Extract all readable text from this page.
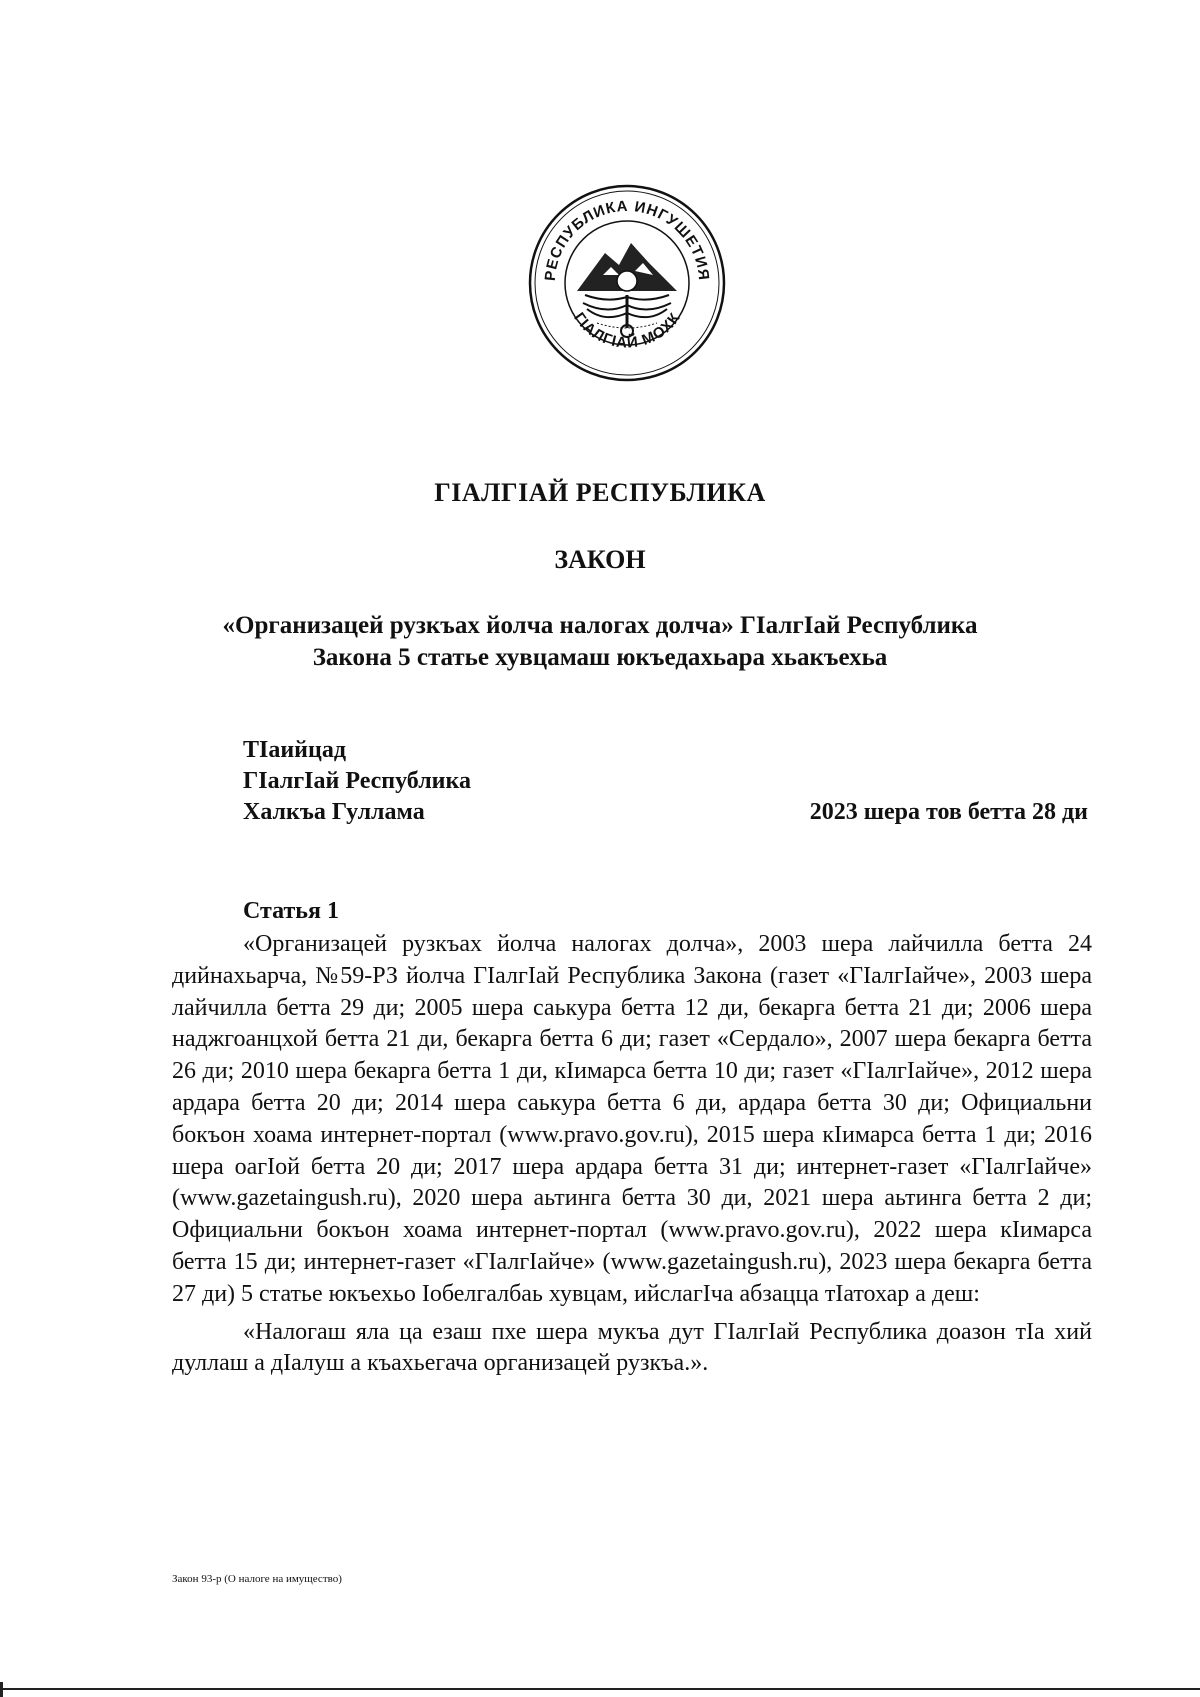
РЕСПУБЛИКА ИНГУШЕТИЯ
ГӀАЛГӀАЙ МОХК
ГIАЛГIАЙ РЕСПУБЛИКА
ЗАКОН
«Организацей рузкъах йолча налогах долча» ГIалгIай Республика
Закона 5 статье хувцамаш юкъедахьара хьакъехьа
ТIаийцад
ГIалгIай Республика
Халкъа Гуллама	2023 шера тов бетта 28 ди
Статья 1

«Организацей рузкъах йолча налогах долча», 2003 шера лайчилла бетта 24 дийнахьарча, №59-РЗ йолча ГIалгIай Республика Закона (газет «ГIалгIайче», 2003 шера лайчилла бетта 29 ди; 2005 шера саькура бетта 12 ди, бекарга бетта 21 ди; 2006 шера наджгоанцхой бетта 21 ди, бекарга бетта 6 ди; газет «Сердало», 2007 шера бекарга бетта 26 ди; 2010 шера бекарга бетта 1 ди, кIимарса бетта 10 ди; газет «ГIалгIайче», 2012 шера ардара бетта 20 ди; 2014 шера саькура бетта 6 ди, ардара бетта 30 ди; Официальни бокъон хоама интернет-портал (www.pravo.gov.ru), 2015 шера кIимарса бетта 1 ди; 2016 шера оагIой бетта 20 ди; 2017 шера ардара бетта 31 ди; интернет-газет «ГIалгIайче» (www.gazetaingush.ru), 2020 шера аьтинга бетта 30 ди, 2021 шера аьтинга бетта 2 ди; Официальни бокъон хоама интернет-портал (www.pravo.gov.ru), 2022 шера кIимарса бетта 15 ди; интернет-газет «ГIалгIайче» (www.gazetaingush.ru), 2023 шера бекарга бетта 27 ди) 5 статье юкъехьо Iобелгалбаь хувцам, ийслагIча абзацца тIатохар а деш:

«Налогаш яла ца езаш пхе шера мукъа дут ГIалгIай Республика доазон тIа хий дуллаш а дIалуш а къахьегача организацей рузкъа.».

Закон 93-р (О налоге на имущество)
